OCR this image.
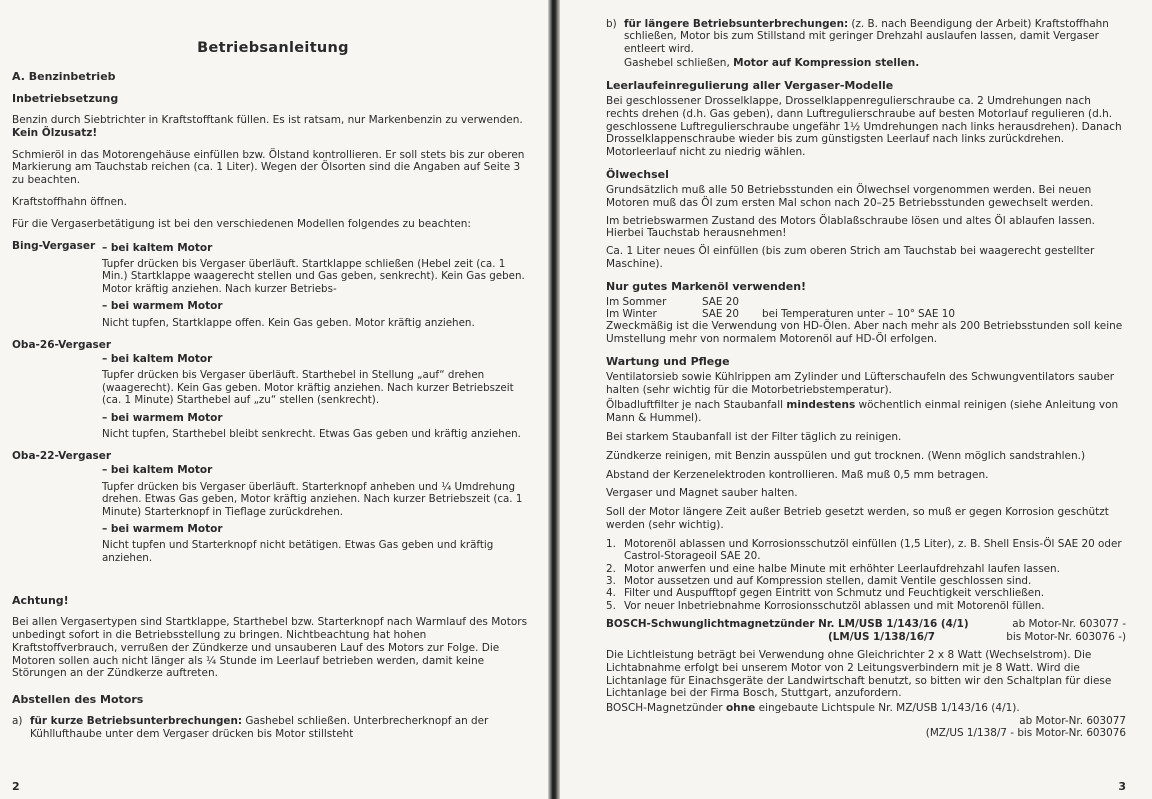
Betriebsanleitung
A. Benzinbetrieb
Inbetriebsetzung
Benzin durch Siebtrichter in Kraftstofftank füllen. Es ist ratsam, nur Markenbenzin zu verwenden. Kein Ölzusatz!
Schmieröl in das Motorengehäuse einfüllen bzw. Ölstand kontrollieren. Er soll stets bis zur oberen Markierung am Tauchstab reichen (ca. 1 Liter). Wegen der Ölsorten sind die Angaben auf Seite 3 zu beachten.
Kraftstoffhahn öffnen.
Für die Vergaserbetätigung ist bei den verschiedenen Modellen folgendes zu beachten:
Bing-Vergaser – bei kaltem Motor
Tupfer drücken bis Vergaser überläuft. Startklappe schließen (Hebel zeit (ca. 1 Min.) Startklappe waagerecht stellen und Gas geben, senkrecht). Kein Gas geben. Motor kräftig anziehen. Nach kurzer Betriebs-
– bei warmem Motor
Nicht tupfen, Startklappe offen. Kein Gas geben. Motor kräftig anziehen.
Oba-26-Vergaser
– bei kaltem Motor
Tupfer drücken bis Vergaser überläuft. Starthebel in Stellung „auf“ drehen (waagerecht). Kein Gas geben. Motor kräftig anziehen. Nach kurzer Betriebszeit (ca. 1 Minute) Starthebel auf „zu“ stellen (senkrecht).
– bei warmem Motor
Nicht tupfen, Starthebel bleibt senkrecht. Etwas Gas geben und kräftig anziehen.
Oba-22-Vergaser
– bei kaltem Motor
Tupfer drücken bis Vergaser überläuft. Starterknopf anheben und ¼ Umdrehung drehen. Etwas Gas geben, Motor kräftig anziehen. Nach kurzer Betriebszeit (ca. 1 Minute) Starterknopf in Tieflage zurückdrehen.
– bei warmem Motor
Nicht tupfen und Starterknopf nicht betätigen. Etwas Gas geben und kräftig anziehen.
Achtung!
Bei allen Vergasertypen sind Startklappe, Starthebel bzw. Starterknopf nach Warmlauf des Motors unbedingt sofort in die Betriebsstellung zu bringen. Nichtbeachtung hat hohen Kraftstoffverbrauch, verrußen der Zündkerze und unsauberen Lauf des Motors zur Folge. Die Motoren sollen auch nicht länger als ¼ Stunde im Leerlauf betrieben werden, damit keine Störungen an der Zündkerze auftreten.
Abstellen des Motors
a) für kurze Betriebsunterbrechungen: Gashebel schließen. Unterbrecherknopf an der Kühllufthaube unter dem Vergaser drücken bis Motor stillsteht
2
b) für längere Betriebsunterbrechungen: (z. B. nach Beendigung der Arbeit) Kraftstoffhahn schließen, Motor bis zum Stillstand mit geringer Drehzahl auslaufen lassen, damit Vergaser entleert wird.
Gashebel schließen, Motor auf Kompression stellen.
Leerlaufeinregulierung aller Vergaser-Modelle
Bei geschlossener Drosselklappe, Drosselklappenregulierschraube ca. 2 Umdrehungen nach rechts drehen (d.h. Gas geben), dann Luftregulierschraube auf besten Motorlauf regulieren (d.h. geschlossene Luftregulierschraube ungefähr 1½ Umdrehungen nach links herausdrehen). Danach Drosselklappenschraube wieder bis zum günstigsten Leerlauf nach links zurückdrehen. Motorleerlauf nicht zu niedrig wählen.
Ölwechsel
Grundsätzlich muß alle 50 Betriebsstunden ein Ölwechsel vorgenommen werden. Bei neuen Motoren muß das Öl zum ersten Mal schon nach 20–25 Betriebsstunden gewechselt werden.
Im betriebswarmen Zustand des Motors Ölablaßschraube lösen und altes Öl ablaufen lassen. Hierbei Tauchstab herausnehmen!
Ca. 1 Liter neues Öl einfüllen (bis zum oberen Strich am Tauchstab bei waagerecht gestellter Maschine).
Nur gutes Markenöl verwenden!
Im Sommer	SAE 20
Im Winter	SAE 20	bei Temperaturen unter – 10° SAE 10
Zweckmäßig ist die Verwendung von HD-Ölen. Aber nach mehr als 200 Betriebsstunden soll keine Umstellung mehr von normalem Motorenöl auf HD-Öl erfolgen.
Wartung und Pflege
Ventilatorsieb sowie Kühlrippen am Zylinder und Lüfterschaufeln des Schwungventilators sauber halten (sehr wichtig für die Motorbetriebstemperatur).
Ölbadluftfilter je nach Staubanfall mindestens wöchentlich einmal reinigen (siehe Anleitung von Mann & Hummel).
Bei starkem Staubanfall ist der Filter täglich zu reinigen.
Zündkerze reinigen, mit Benzin ausspülen und gut trocknen. (Wenn möglich sandstrahlen.)
Abstand der Kerzenelektroden kontrollieren. Maß muß 0,5 mm betragen.
Vergaser und Magnet sauber halten.
Soll der Motor längere Zeit außer Betrieb gesetzt werden, so muß er gegen Korrosion geschützt werden (sehr wichtig).
1. Motorenöl ablassen und Korrosionsschutzöl einfüllen (1,5 Liter), z. B. Shell Ensis-Öl SAE 20 oder Castrol-Storageoil SAE 20.
2. Motor anwerfen und eine halbe Minute mit erhöhter Leerlaufdrehzahl laufen lassen.
3. Motor aussetzen und auf Kompression stellen, damit Ventile geschlossen sind.
4. Filter und Auspufftopf gegen Eintritt von Schmutz und Feuchtigkeit verschließen.
5. Vor neuer Inbetriebnahme Korrosionsschutzöl ablassen und mit Motorenöl füllen.
BOSCH-Schwunglichtmagnetzünder Nr. LM/USB 1/143/16 (4/1)	ab Motor-Nr. 603077 -
(LM/US 1/138/16/7	bis Motor-Nr. 603076 -)
Die Lichtleistung beträgt bei Verwendung ohne Gleichrichter 2 x 8 Watt (Wechselstrom). Die Lichtabnahme erfolgt bei unserem Motor von 2 Leitungsverbindern mit je 8 Watt. Wird die Lichtanlage für Einachsgeräte der Landwirtschaft benutzt, so bitten wir den Schaltplan für diese Lichtanlage bei der Firma Bosch, Stuttgart, anzufordern.
BOSCH-Magnetzünder ohne eingebaute Lichtspule Nr. MZ/USB 1/143/16 (4/1).
ab Motor-Nr. 603077
(MZ/US 1/138/7 - bis Motor-Nr. 603076
3
